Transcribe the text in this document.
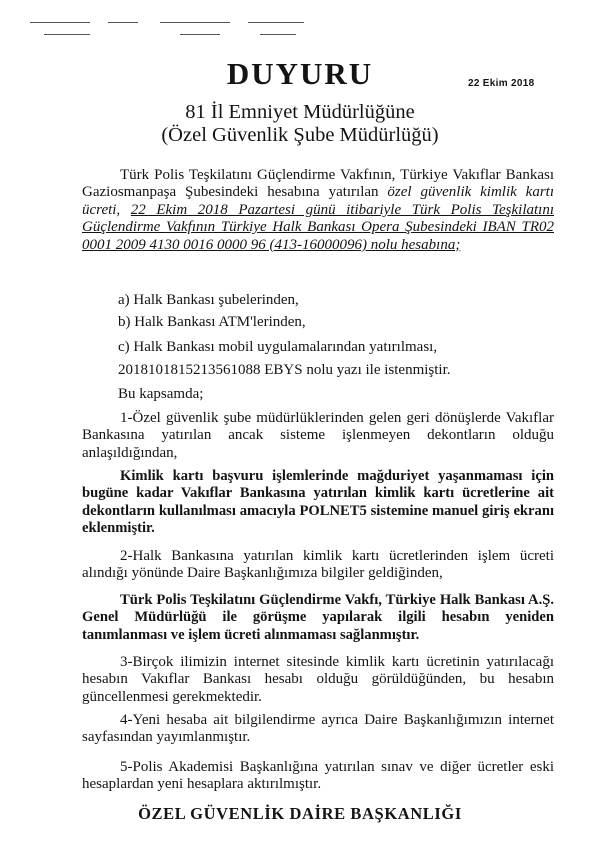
22 Ekim 2018
DUYURU
81 İl Emniyet Müdürlüğüne
(Özel Güvenlik Şube Müdürlüğü)

Türk Polis Teşkilatını Güçlendirme Vakfının, Türkiye Vakıflar Bankası Gaziosmanpaşa Şubesindeki hesabına yatırılan özel güvenlik kimlik kartı ücreti, 22 Ekim 2018 Pazartesi günü itibariyle Türk Polis Teşkilatını Güçlendirme Vakfının Türkiye Halk Bankası Opera Şubesindeki IBAN TR02 0001 2009 4130 0016 0000 96 (413-16000096) nolu hesabına;

a) Halk Bankası şubelerinden,

b) Halk Bankası ATM'lerinden,

c) Halk Bankası mobil uygulamalarından yatırılması,

2018101815213561088 EBYS nolu yazı ile istenmiştir.

Bu kapsamda;

1-Özel güvenlik şube müdürlüklerinden gelen geri dönüşlerde Vakıflar Bankasına yatırılan ancak sisteme işlenmeyen dekontların olduğu anlaşıldığından,

Kimlik kartı başvuru işlemlerinde mağduriyet yaşanmaması için bugüne kadar Vakıflar Bankasına yatırılan kimlik kartı ücretlerine ait dekontların kullanılması amacıyla POLNET5 sistemine manuel giriş ekranı eklenmiştir.

2-Halk Bankasına yatırılan kimlik kartı ücretlerinden işlem ücreti alındığı yönünde Daire Başkanlığımıza bilgiler geldiğinden,

Türk Polis Teşkilatını Güçlendirme Vakfı, Türkiye Halk Bankası A.Ş. Genel Müdürlüğü ile görüşme yapılarak ilgili hesabın yeniden tanımlanması ve işlem ücreti alınmaması sağlanmıştır.

3-Birçok ilimizin internet sitesinde kimlik kartı ücretinin yatırılacağı hesabın Vakıflar Bankası hesabı olduğu görüldüğünden, bu hesabın güncellenmesi gerekmektedir.

4-Yeni hesaba ait bilgilendirme ayrıca Daire Başkanlığımızın internet sayfasından yayımlanmıştır.

5-Polis Akademisi Başkanlığına yatırılan sınav ve diğer ücretler eski hesaplardan yeni hesaplara aktırılmıştır.

ÖZEL GÜVENLİK DAİRE BAŞKANLIĞI
